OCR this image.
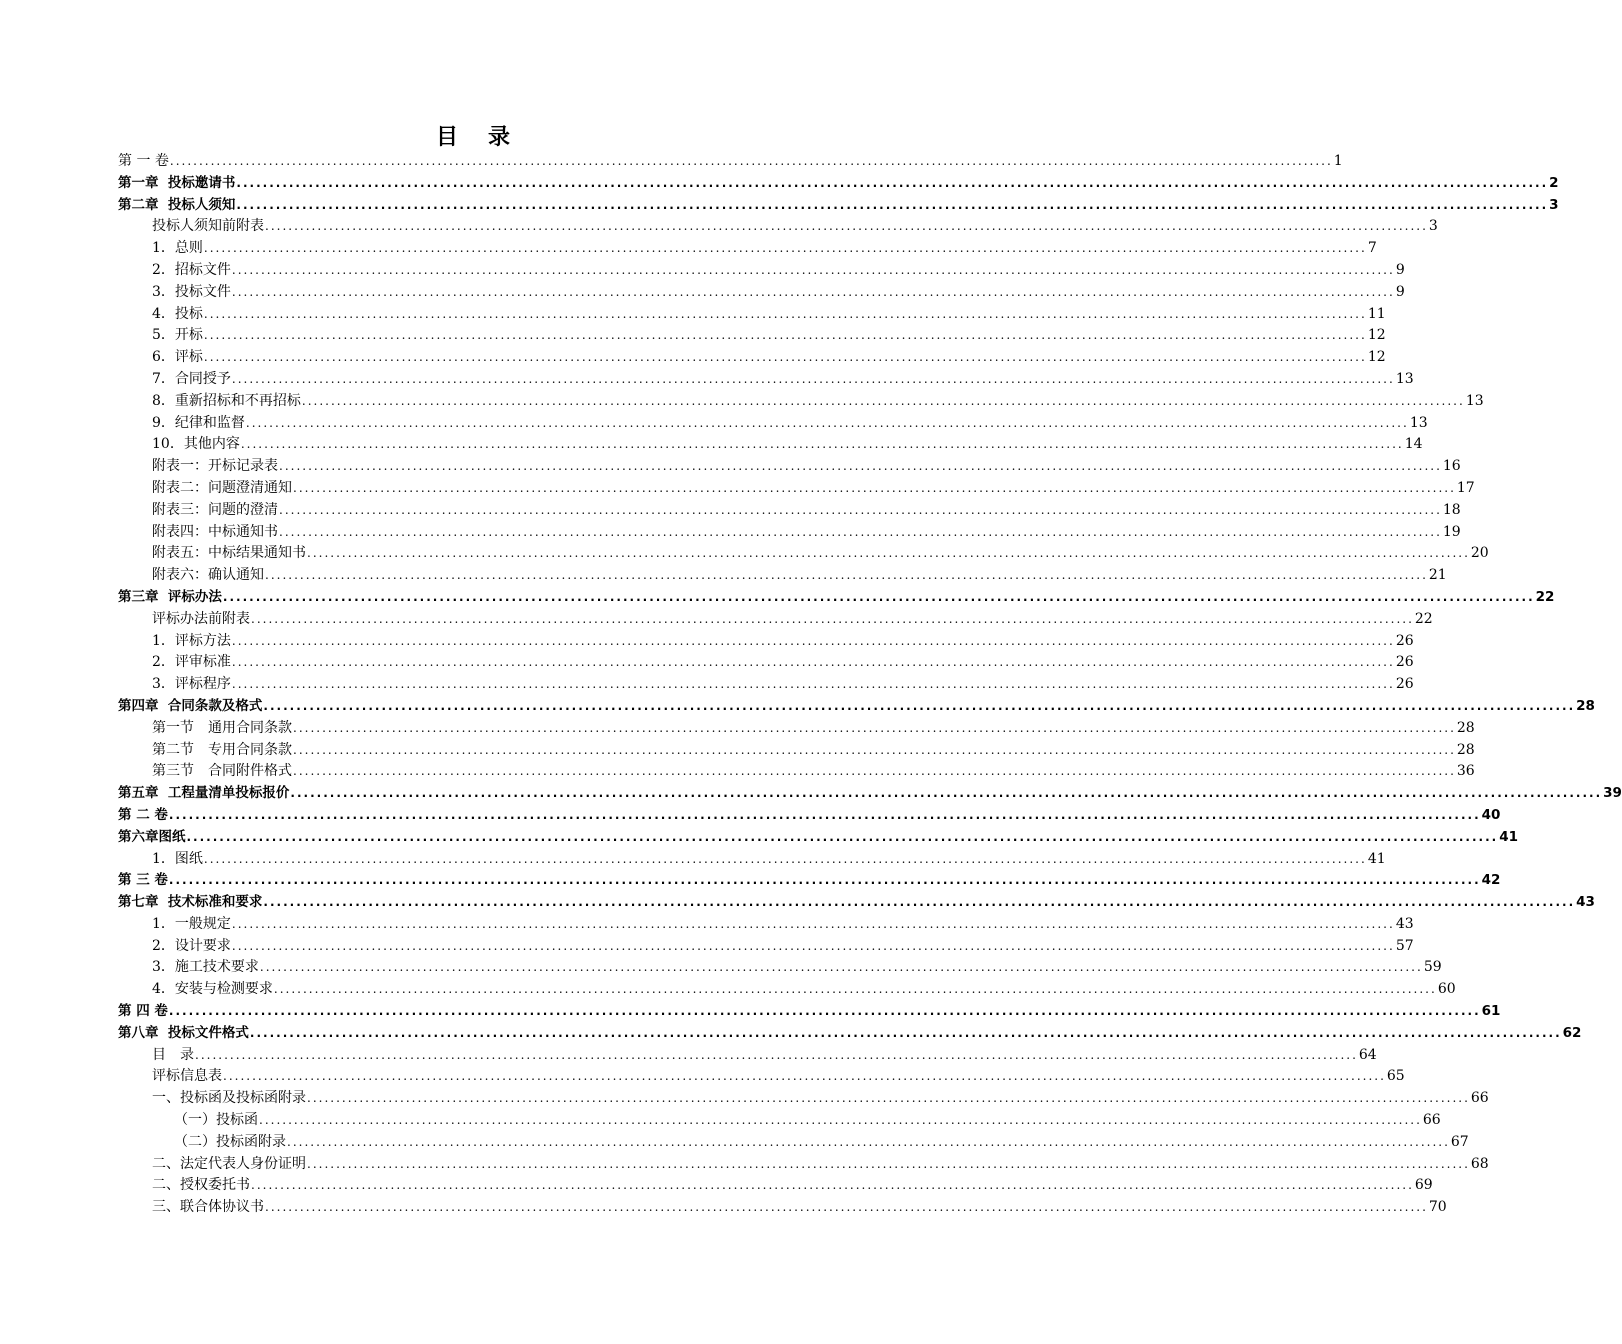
目　录
第 一 卷 ........................................................................................................................................................................................................ 1
第一章  投标邀请书 ........................................................................................................................................................................................................ 2
第二章  投标人须知 ........................................................................................................................................................................................................ 3
投标人须知前附表 ........................................................................................................................................................................................................ 3
1．总则 ........................................................................................................................................................................................................ 7
2．招标文件 ........................................................................................................................................................................................................ 9
3．投标文件 ........................................................................................................................................................................................................ 9
4．投标 ........................................................................................................................................................................................................ 11
5．开标 ........................................................................................................................................................................................................ 12
6．评标 ........................................................................................................................................................................................................ 12
7．合同授予 ........................................................................................................................................................................................................ 13
8．重新招标和不再招标 ........................................................................................................................................................................................................ 13
9．纪律和监督 ........................................................................................................................................................................................................ 13
10．其他内容 ........................................................................................................................................................................................................ 14
附表一：开标记录表 ........................................................................................................................................................................................................ 16
附表二：问题澄清通知 ........................................................................................................................................................................................................ 17
附表三：问题的澄清 ........................................................................................................................................................................................................ 18
附表四：中标通知书 ........................................................................................................................................................................................................ 19
附表五：中标结果通知书 ........................................................................................................................................................................................................ 20
附表六：确认通知 ........................................................................................................................................................................................................ 21
第三章  评标办法 ........................................................................................................................................................................................................ 22
评标办法前附表 ........................................................................................................................................................................................................ 22
1．评标方法 ........................................................................................................................................................................................................ 26
2．评审标准 ........................................................................................................................................................................................................ 26
3．评标程序 ........................................................................................................................................................................................................ 26
第四章  合同条款及格式 ........................................................................................................................................................................................................ 28
第一节　通用合同条款 ........................................................................................................................................................................................................ 28
第二节　专用合同条款 ........................................................................................................................................................................................................ 28
第三节　合同附件格式 ........................................................................................................................................................................................................ 36
第五章  工程量清单投标报价 ........................................................................................................................................................................................................ 39
第 二 卷 ........................................................................................................................................................................................................ 40
第六章图纸 ........................................................................................................................................................................................................ 41
1．图纸 ........................................................................................................................................................................................................ 41
第 三 卷 ........................................................................................................................................................................................................ 42
第七章  技术标准和要求 ........................................................................................................................................................................................................ 43
1．一般规定 ........................................................................................................................................................................................................ 43
2．设计要求 ........................................................................................................................................................................................................ 57
3．施工技术要求 ........................................................................................................................................................................................................ 59
4．安装与检测要求 ........................................................................................................................................................................................................ 60
第 四 卷 ........................................................................................................................................................................................................ 61
第八章  投标文件格式 ........................................................................................................................................................................................................ 62
目　录 ........................................................................................................................................................................................................ 64
评标信息表 ........................................................................................................................................................................................................ 65
一、投标函及投标函附录 ........................................................................................................................................................................................................ 66
（一）投标函 ........................................................................................................................................................................................................ 66
（二）投标函附录 ........................................................................................................................................................................................................ 67
二、法定代表人身份证明 ........................................................................................................................................................................................................ 68
二、授权委托书 ........................................................................................................................................................................................................ 69
三、联合体协议书 ........................................................................................................................................................................................................ 70
